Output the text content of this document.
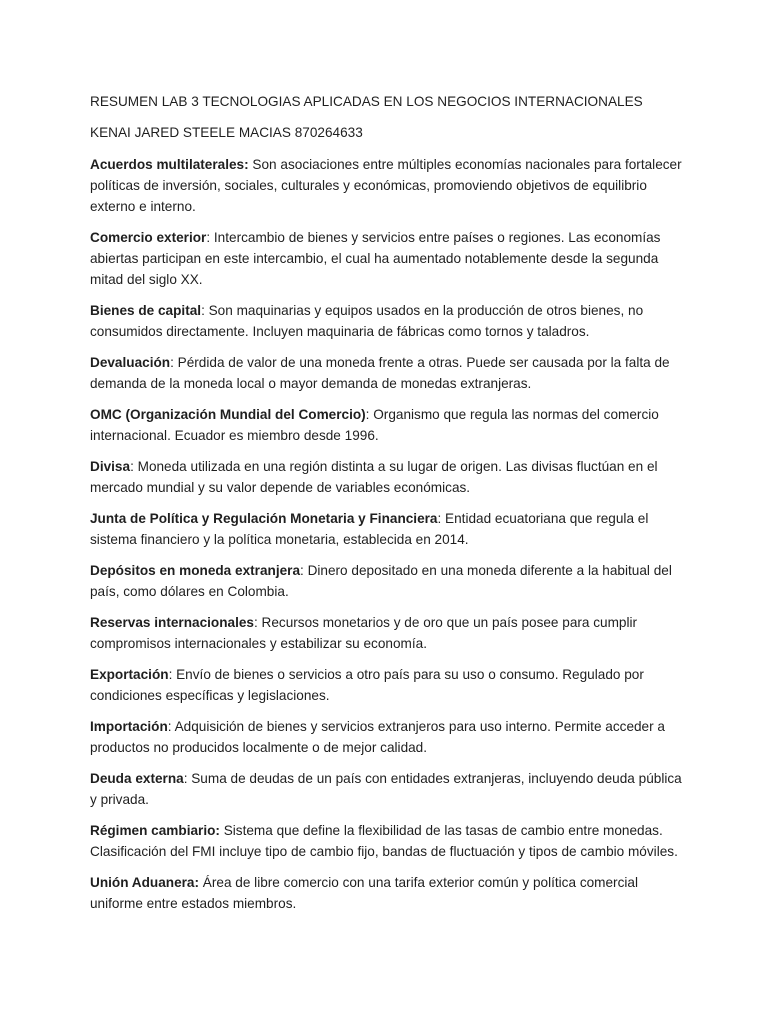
RESUMEN LAB 3 TECNOLOGIAS APLICADAS EN LOS NEGOCIOS INTERNACIONALES

KENAI JARED STEELE MACIAS 870264633

Acuerdos multilaterales: Son asociaciones entre múltiples economías nacionales para fortalecer políticas de inversión, sociales, culturales y económicas, promoviendo objetivos de equilibrio externo e interno.

Comercio exterior: Intercambio de bienes y servicios entre países o regiones. Las economías abiertas participan en este intercambio, el cual ha aumentado notablemente desde la segunda mitad del siglo XX.

Bienes de capital: Son maquinarias y equipos usados en la producción de otros bienes, no consumidos directamente. Incluyen maquinaria de fábricas como tornos y taladros.

Devaluación: Pérdida de valor de una moneda frente a otras. Puede ser causada por la falta de demanda de la moneda local o mayor demanda de monedas extranjeras.

OMC (Organización Mundial del Comercio): Organismo que regula las normas del comercio internacional. Ecuador es miembro desde 1996.

Divisa: Moneda utilizada en una región distinta a su lugar de origen. Las divisas fluctúan en el mercado mundial y su valor depende de variables económicas.

Junta de Política y Regulación Monetaria y Financiera: Entidad ecuatoriana que regula el sistema financiero y la política monetaria, establecida en 2014.

Depósitos en moneda extranjera: Dinero depositado en una moneda diferente a la habitual del país, como dólares en Colombia.

Reservas internacionales: Recursos monetarios y de oro que un país posee para cumplir compromisos internacionales y estabilizar su economía.

Exportación: Envío de bienes o servicios a otro país para su uso o consumo. Regulado por condiciones específicas y legislaciones.

Importación: Adquisición de bienes y servicios extranjeros para uso interno. Permite acceder a productos no producidos localmente o de mejor calidad.

Deuda externa: Suma de deudas de un país con entidades extranjeras, incluyendo deuda pública y privada.

Régimen cambiario: Sistema que define la flexibilidad de las tasas de cambio entre monedas. Clasificación del FMI incluye tipo de cambio fijo, bandas de fluctuación y tipos de cambio móviles.

Unión Aduanera: Área de libre comercio con una tarifa exterior común y política comercial uniforme entre estados miembros.
